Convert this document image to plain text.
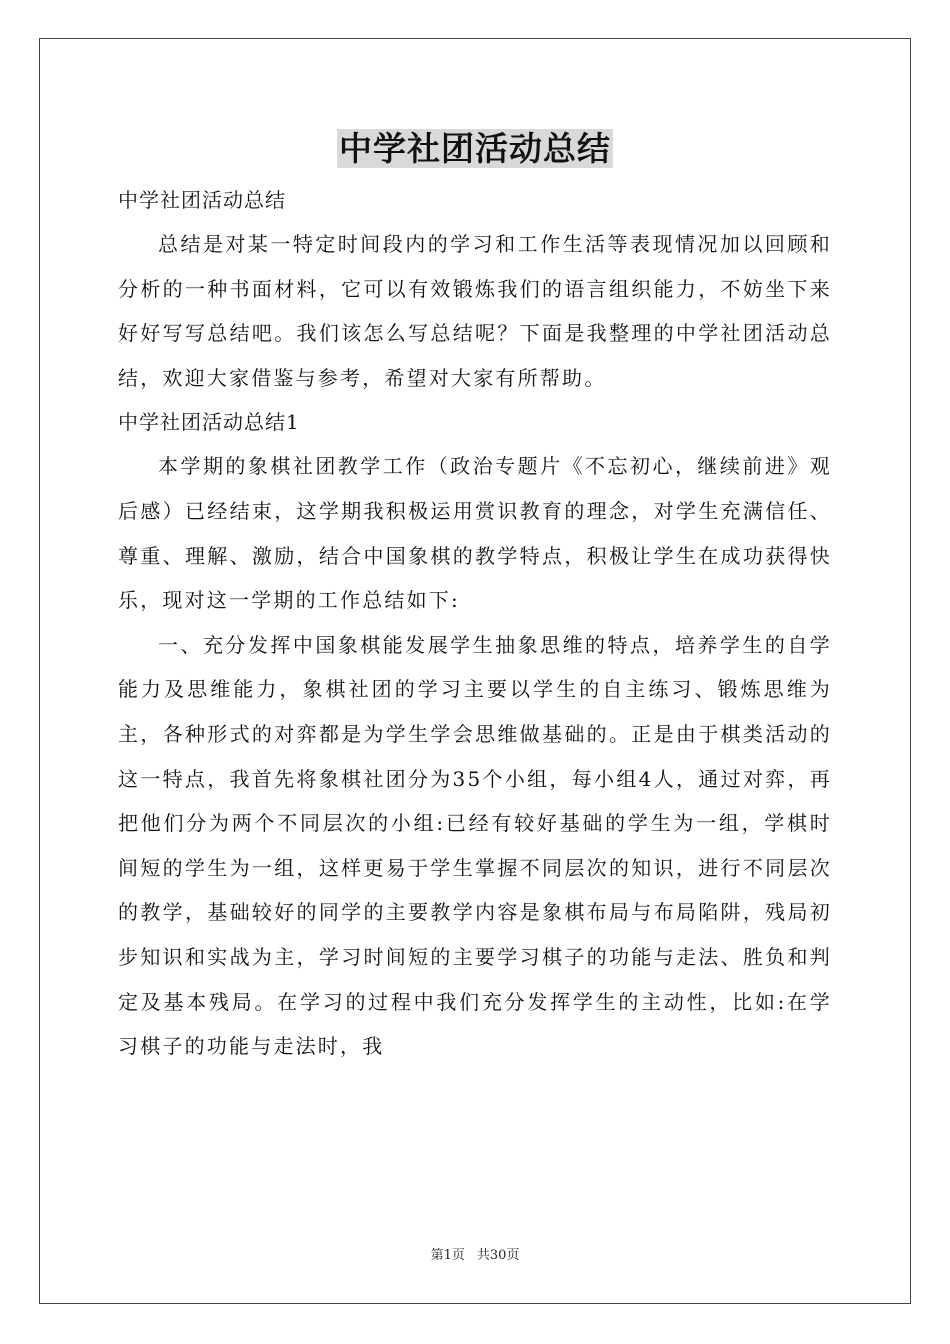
中学社团活动总结

中学社团活动总结

总结是对某一特定时间段内的学习和工作生活等表现情况加以回顾和分析的一种书面材料，它可以有效锻炼我们的语言组织能力，不妨坐下来好好写写总结吧。我们该怎么写总结呢？下面是我整理的中学社团活动总结，欢迎大家借鉴与参考，希望对大家有所帮助。

中学社团活动总结1

本学期的象棋社团教学工作（政治专题片《不忘初心，继续前进》观后感）已经结束，这学期我积极运用赏识教育的理念，对学生充满信任、尊重、理解、激励，结合中国象棋的教学特点，积极让学生在成功获得快乐，现对这一学期的工作总结如下:

一、充分发挥中国象棋能发展学生抽象思维的特点，培养学生的自学能力及思维能力，象棋社团的学习主要以学生的自主练习、锻炼思维为主，各种形式的对弈都是为学生学会思维做基础的。正是由于棋类活动的这一特点，我首先将象棋社团分为35个小组，每小组4人，通过对弈，再把他们分为两个不同层次的小组:已经有较好基础的学生为一组，学棋时间短的学生为一组，这样更易于学生掌握不同层次的知识，进行不同层次的教学，基础较好的同学的主要教学内容是象棋布局与布局陷阱，残局初步知识和实战为主，学习时间短的主要学习棋子的功能与走法、胜负和判定及基本残局。在学习的过程中我们充分发挥学生的主动性，比如:在学习棋子的功能与走法时，我

第1页 共30页
